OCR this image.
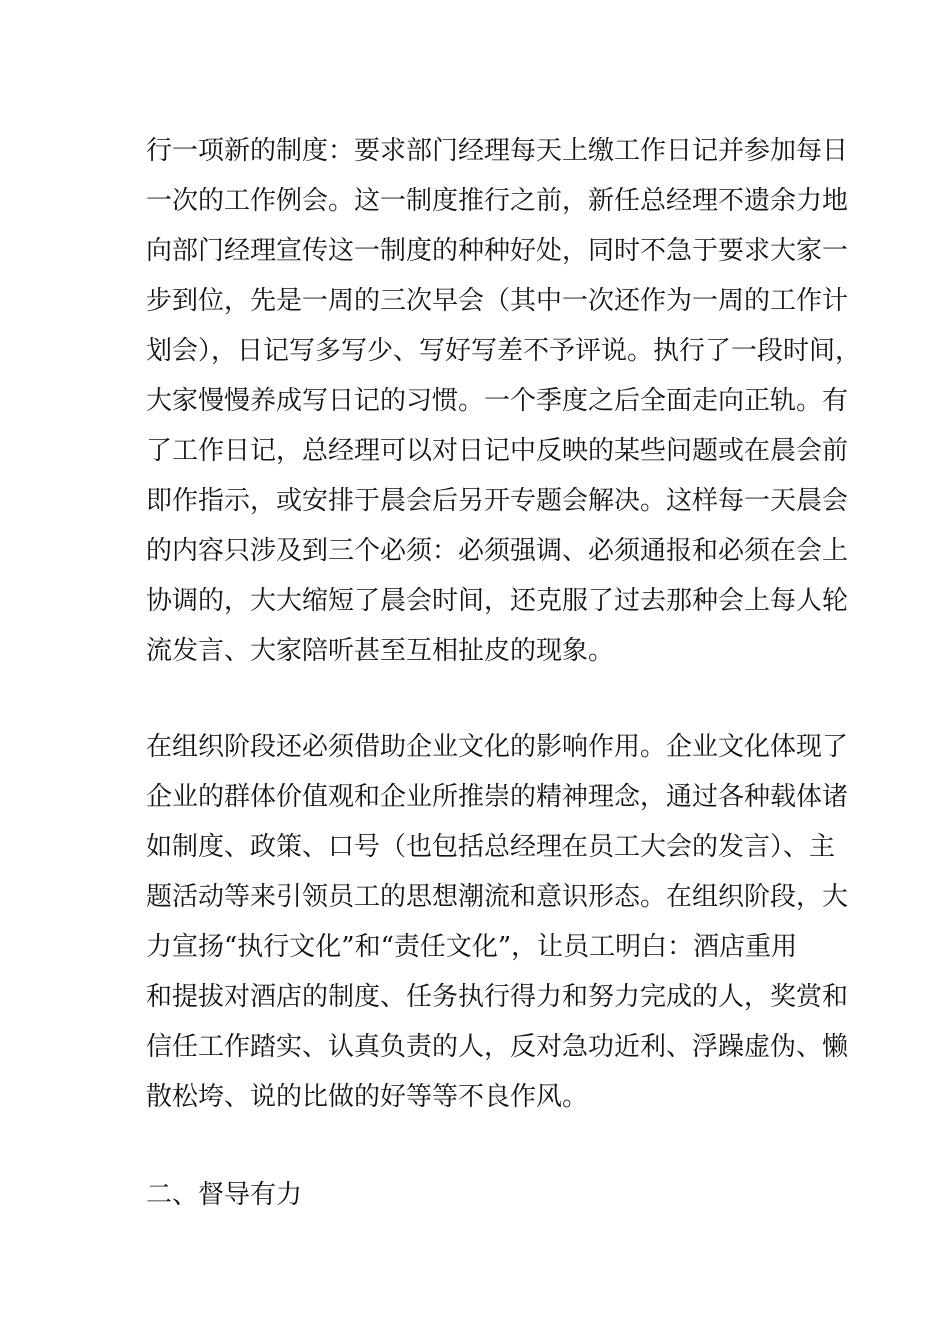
行一项新的制度：要求部门经理每天上缴工作日记并参加每日
一次的工作例会。这一制度推行之前，新任总经理不遗余力地
向部门经理宣传这一制度的种种好处，同时不急于要求大家一
步到位，先是一周的三次早会（其中一次还作为一周的工作计
划会），日记写多写少、写好写差不予评说。执行了一段时间，
大家慢慢养成写日记的习惯。一个季度之后全面走向正轨。有
了工作日记，总经理可以对日记中反映的某些问题或在晨会前
即作指示，或安排于晨会后另开专题会解决。这样每一天晨会
的内容只涉及到三个必须：必须强调、必须通报和必须在会上
协调的，大大缩短了晨会时间，还克服了过去那种会上每人轮
流发言、大家陪听甚至互相扯皮的现象。
在组织阶段还必须借助企业文化的影响作用。企业文化体现了
企业的群体价值观和企业所推崇的精神理念，通过各种载体诸
如制度、政策、口号（也包括总经理在员工大会的发言）、主
题活动等来引领员工的思想潮流和意识形态。在组织阶段，大
力宣扬“执行文化”和“责任文化”，让员工明白：酒店重用
和提拔对酒店的制度、任务执行得力和努力完成的人，奖赏和
信任工作踏实、认真负责的人，反对急功近利、浮躁虚伪、懒
散松垮、说的比做的好等等不良作风。
二、督导有力
